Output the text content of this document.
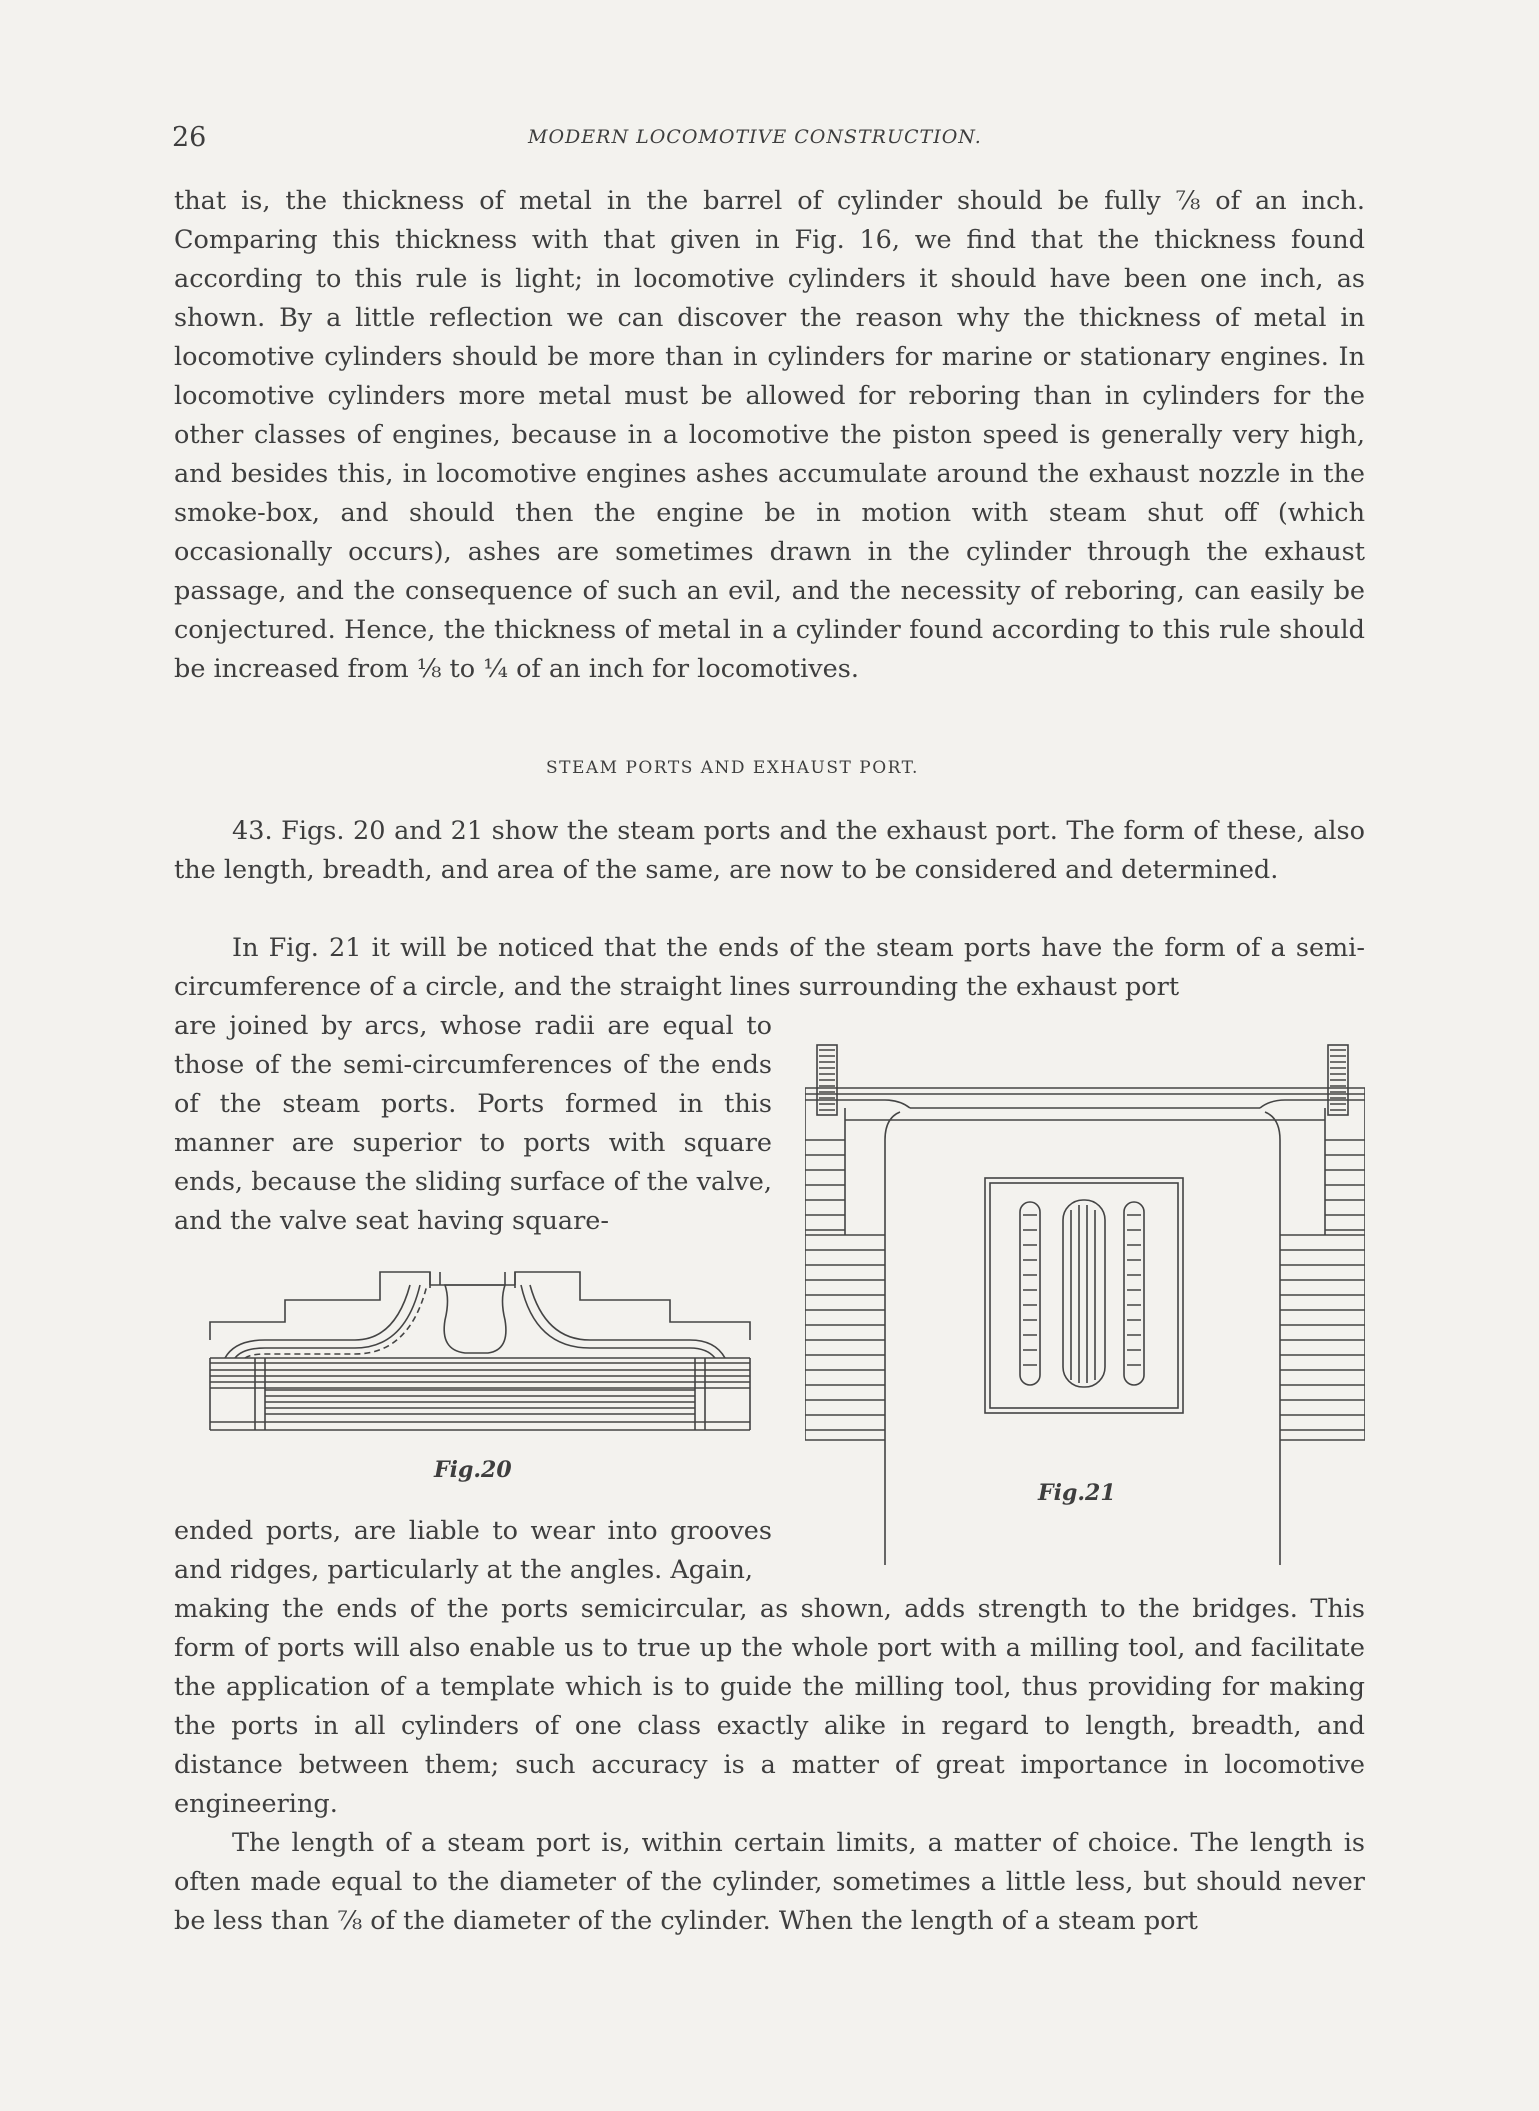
26	MODERN LOCOMOTIVE CONSTRUCTION.

that is, the thickness of metal in the barrel of cylinder should be fully ⅞ of an inch. Comparing this thickness with that given in Fig. 16, we find that the thickness found according to this rule is light; in locomotive cylinders it should have been one inch, as shown. By a little reflection we can discover the reason why the thickness of metal in locomotive cylinders should be more than in cylinders for marine or stationary engines. In locomotive cylinders more metal must be allowed for reboring than in cylinders for the other classes of engines, because in a locomotive the piston speed is generally very high, and besides this, in locomotive engines ashes accumulate around the exhaust nozzle in the smoke-box, and should then the engine be in motion with steam shut off (which occasionally occurs), ashes are sometimes drawn in the cylinder through the exhaust passage, and the consequence of such an evil, and the necessity of reboring, can easily be conjectured. Hence, the thickness of metal in a cylinder found according to this rule should be increased from ⅛ to ¼ of an inch for locomotives.

STEAM PORTS AND EXHAUST PORT.

43. Figs. 20 and 21 show the steam ports and the exhaust port. The form of these, also the length, breadth, and area of the same, are now to be considered and determined.

In Fig. 21 it will be noticed that the ends of the steam ports have the form of a semi-circumference of a circle, and the straight lines surrounding the exhaust port

are joined by arcs, whose radii are equal to those of the semi-circumferences of the ends of the steam ports. Ports formed in this manner are superior to ports with square ends, because the sliding surface of the valve, and the valve seat having square-

Fig.20
Fig.21

ended ports, are liable to wear into grooves and ridges, particularly at the angles. Again,

making the ends of the ports semicircular, as shown, adds strength to the bridges. This form of ports will also enable us to true up the whole port with a milling tool, and facilitate the application of a template which is to guide the milling tool, thus providing for making the ports in all cylinders of one class exactly alike in regard to length, breadth, and distance between them; such accuracy is a matter of great importance in locomotive engineering.

The length of a steam port is, within certain limits, a matter of choice. The length is often made equal to the diameter of the cylinder, sometimes a little less, but should never be less than ⅞ of the diameter of the cylinder. When the length of a steam port
